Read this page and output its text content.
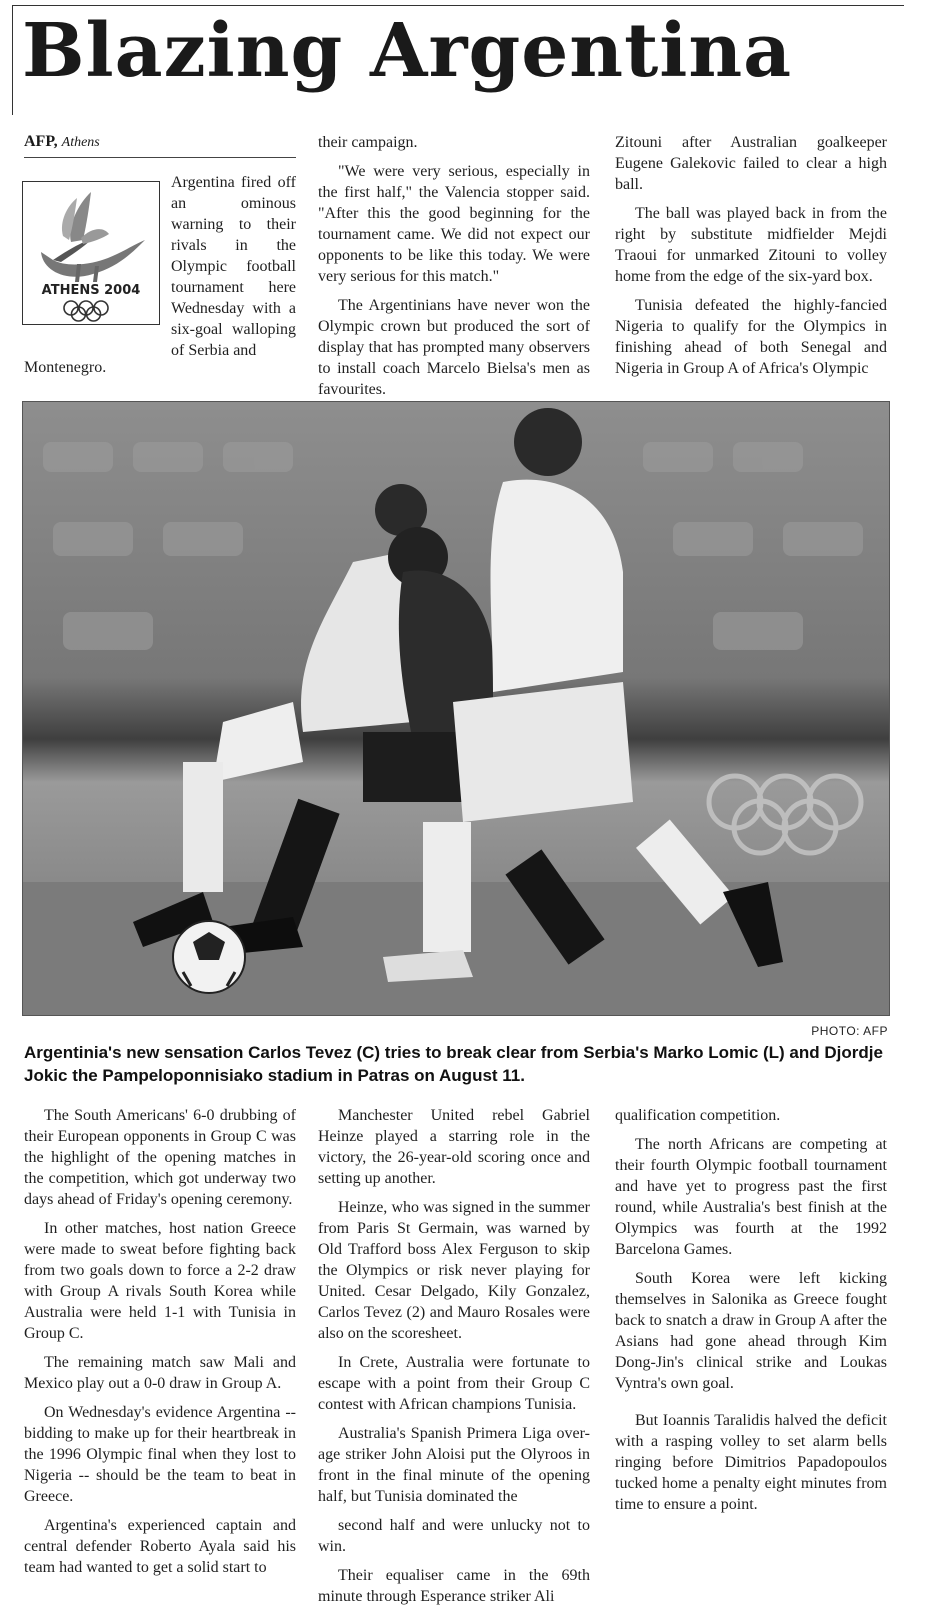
Blazing Argentina
AFP, Athens
ATHENS 2004

Argentina fired off an ominous warning to their rivals in the Olympic football tournament here Wednesday with a six-goal walloping of Serbia and

Montenegro.

their campaign.

"We were very serious, especially in the first half," the Valencia stopper said. "After this the good beginning for the tournament came. We did not expect our opponents to be like this today. We were very serious for this match."

The Argentinians have never won the Olympic crown but produced the sort of display that has prompted many observers to install coach Marcelo Bielsa's men as favourites.

Zitouni after Australian goalkeeper Eugene Galekovic failed to clear a high ball.

The ball was played back in from the right by substitute midfielder Mejdi Traoui for unmarked Zitouni to volley home from the edge of the six-yard box.

Tunisia defeated the highly-fancied Nigeria to qualify for the Olympics in finishing ahead of both Senegal and Nigeria in Group A of Africa's Olympic

PHOTO: AFP

Argentinia's new sensation Carlos Tevez (C) tries to break clear from Serbia's Marko Lomic (L) and Djordje Jokic the Pampeloponnisiako stadium in Patras on August 11.

The South Americans' 6-0 drubbing of their European opponents in Group C was the highlight of the opening matches in the competition, which got underway two days ahead of Friday's opening ceremony.

In other matches, host nation Greece were made to sweat before fighting back from two goals down to force a 2-2 draw with Group A rivals South Korea while Australia were held 1-1 with Tunisia in Group C.

The remaining match saw Mali and Mexico play out a 0-0 draw in Group A.

On Wednesday's evidence Argentina -- bidding to make up for their heartbreak in the 1996 Olympic final when they lost to Nigeria -- should be the team to beat in Greece.

Argentina's experienced captain and central defender Roberto Ayala said his team had wanted to get a solid start to

Manchester United rebel Gabriel Heinze played a starring role in the victory, the 26-year-old scoring once and setting up another.

Heinze, who was signed in the summer from Paris St Germain, was warned by Old Trafford boss Alex Ferguson to skip the Olympics or risk never playing for United. Cesar Delgado, Kily Gonzalez, Carlos Tevez (2) and Mauro Rosales were also on the scoresheet.

In Crete, Australia were fortunate to escape with a point from their Group C contest with African champions Tunisia.

Australia's Spanish Primera Liga over-age striker John Aloisi put the Olyroos in front in the final minute of the opening half, but Tunisia dominated the

second half and were unlucky not to win.

Their equaliser came in the 69th minute through Esperance striker Ali

qualification competition.

The north Africans are competing at their fourth Olympic football tournament and have yet to progress past the first round, while Australia's best finish at the Olympics was fourth at the 1992 Barcelona Games.

South Korea were left kicking themselves in Salonika as Greece fought back to snatch a draw in Group A after the Asians had gone ahead through Kim Dong-Jin's clinical strike and Loukas Vyntra's own goal.

But Ioannis Taralidis halved the deficit with a rasping volley to set alarm bells ringing before Dimitrios Papadopoulos tucked home a penalty eight minutes from time to ensure a point.
